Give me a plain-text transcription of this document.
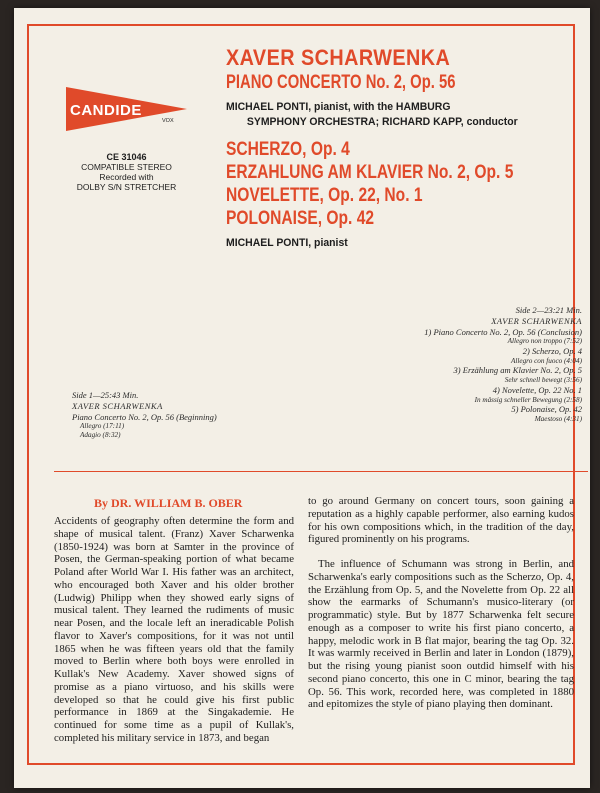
CANDIDE
VOX
CE 31046
COMPATIBLE STEREO
Recorded with
DOLBY S/N STRETCHER
XAVER SCHARWENKA
PIANO CONCERTO No. 2, Op. 56
MICHAEL PONTI, pianist, with the HAMBURG
SYMPHONY ORCHESTRA; RICHARD KAPP, conductor
SCHERZO, Op. 4
ERZAHLUNG AM KLAVIER No. 2, Op. 5
NOVELETTE, Op. 22, No. 1
POLONAISE, Op. 42
MICHAEL PONTI, pianist
Side 2—23:21 Min.
XAVER SCHARWENKA
1) Piano Concerto No. 2, Op. 56 (Conclusion)
Allegro non troppo (7:52)
2) Scherzo, Op. 4
Allegro con fuoco (4:04)
3) Erzählung am Klavier No. 2, Op. 5
Sehr schnell bewegt (3:56)
4) Novelette, Op. 22 No. 1
In mässig schneller Bewegung (2:58)
5) Polonaise, Op. 42
Maestoso (4:31)
Side 1—25:43 Min.
XAVER SCHARWENKA
Piano Concerto No. 2, Op. 56 (Beginning)
Allegro (17:11)
Adagio (8:32)
By DR. WILLIAM B. OBER

Accidents of geography often determine the form and shape of musical talent. (Franz) Xaver Scharwenka (1850-1924) was born at Samter in the province of Posen, the German-speaking portion of what became Poland after World War I. His father was an architect, who encouraged both Xaver and his older brother (Ludwig) Philipp when they showed early signs of musical talent. They learned the rudiments of music near Posen, and the locale left an ineradicable Polish flavor to Xaver's compositions, for it was not until 1865 when he was fifteen years old that the family moved to Berlin where both boys were enrolled in Kullak's New Academy. Xaver showed signs of promise as a piano virtuoso, and his skills were developed so that he could give his first public performance in 1869 at the Singakademie. He continued for some time as a pupil of Kullak's, completed his military service in 1873, and began

to go around Germany on concert tours, soon gaining a reputation as a highly capable performer, also earning kudos for his own compositions which, in the tradition of the day, figured prominently on his programs.

The influence of Schumann was strong in Berlin, and Scharwenka's early compositions such as the Scherzo, Op. 4, the Erzählung from Op. 5, and the Novelette from Op. 22 all show the earmarks of Schumann's musico-literary (or programmatic) style. But by 1877 Scharwenka felt secure enough as a composer to write his first piano concerto, a happy, melodic work in B flat major, bearing the tag Op. 32. It was warmly received in Berlin and later in London (1879), but the rising young pianist soon outdid himself with his second piano concerto, this one in C minor, bearing the tag Op. 56. This work, recorded here, was completed in 1880 and epitomizes the style of piano playing then dominant.
